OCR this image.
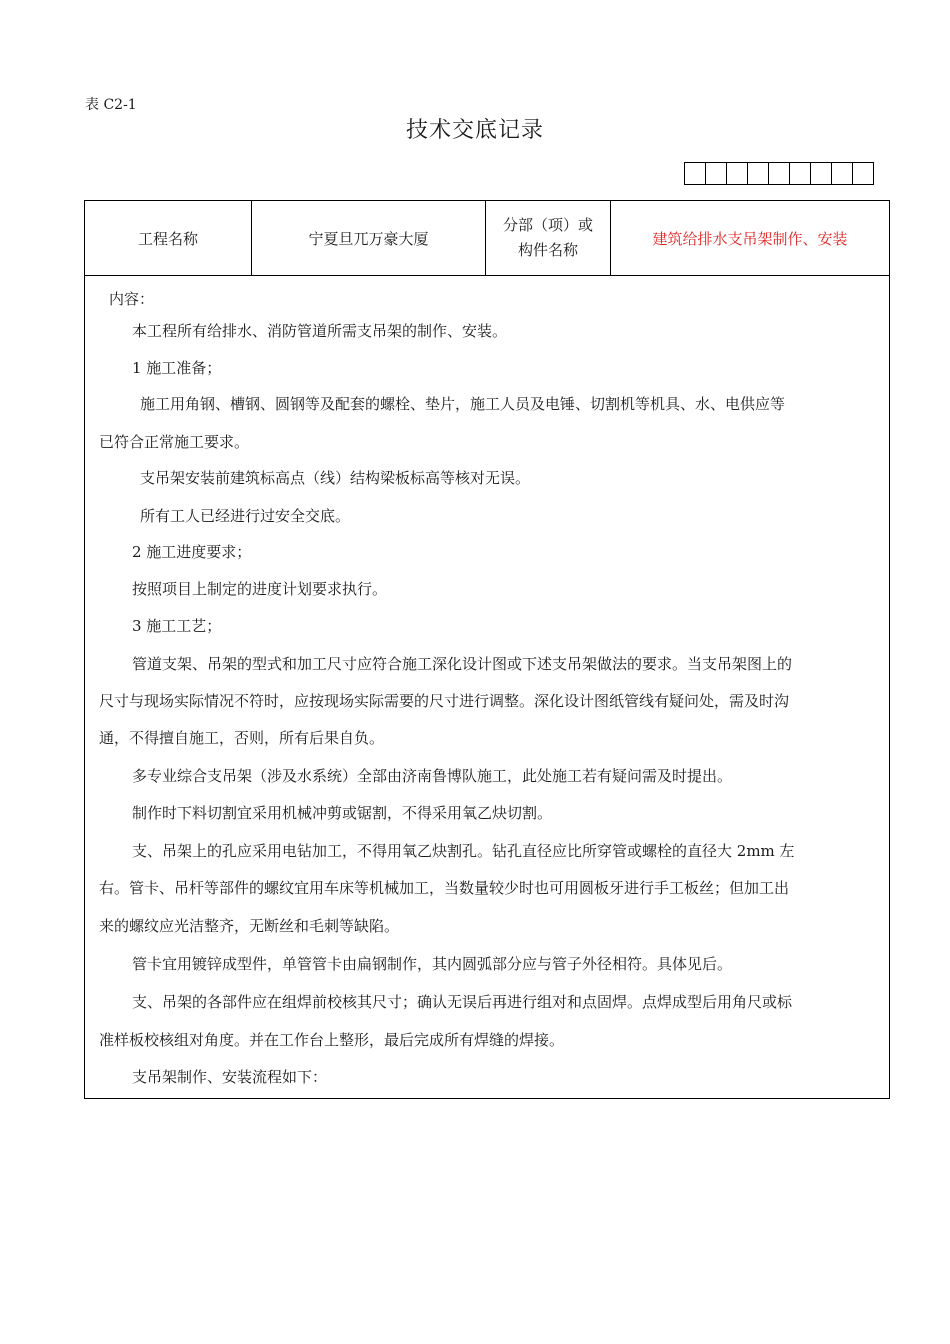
表 C2-1
技术交底记录
工程名称	宁夏旦兀万豪大厦
分部（项）或
构件名称
建筑给排水支吊架制作、安装
内容：
本工程所有给排水、消防管道所需支吊架的制作、安装。
1 施工准备；
施工用角钢、槽钢、圆钢等及配套的螺栓、垫片，施工人员及电锤、切割机等机具、水、电供应等
已符合正常施工要求。
支吊架安装前建筑标高点（线）结构梁板标高等核对无误。
所有工人已经进行过安全交底。
2 施工进度要求；
按照项目上制定的进度计划要求执行。
3 施工工艺；
管道支架、吊架的型式和加工尺寸应符合施工深化设计图或下述支吊架做法的要求。当支吊架图上的
尺寸与现场实际情况不符时，应按现场实际需要的尺寸进行调整。深化设计图纸管线有疑问处，需及时沟
通，不得擅自施工，否则，所有后果自负。
多专业综合支吊架（涉及水系统）全部由济南鲁博队施工，此处施工若有疑问需及时提出。
制作时下料切割宜采用机械冲剪或锯割，不得采用氧乙炔切割。
支、吊架上的孔应采用电钻加工，不得用氧乙炔割孔。钻孔直径应比所穿管或螺栓的直径大 2mm 左
右。管卡、吊杆等部件的螺纹宜用车床等机械加工，当数量较少时也可用圆板牙进行手工板丝；但加工出
来的螺纹应光洁整齐，无断丝和毛刺等缺陷。
管卡宜用镀锌成型件，单管管卡由扁钢制作，其内圆弧部分应与管子外径相符。具体见后。
支、吊架的各部件应在组焊前校核其尺寸；确认无误后再进行组对和点固焊。点焊成型后用角尺或标
准样板校核组对角度。并在工作台上整形，最后完成所有焊缝的焊接。
支吊架制作、安装流程如下：
